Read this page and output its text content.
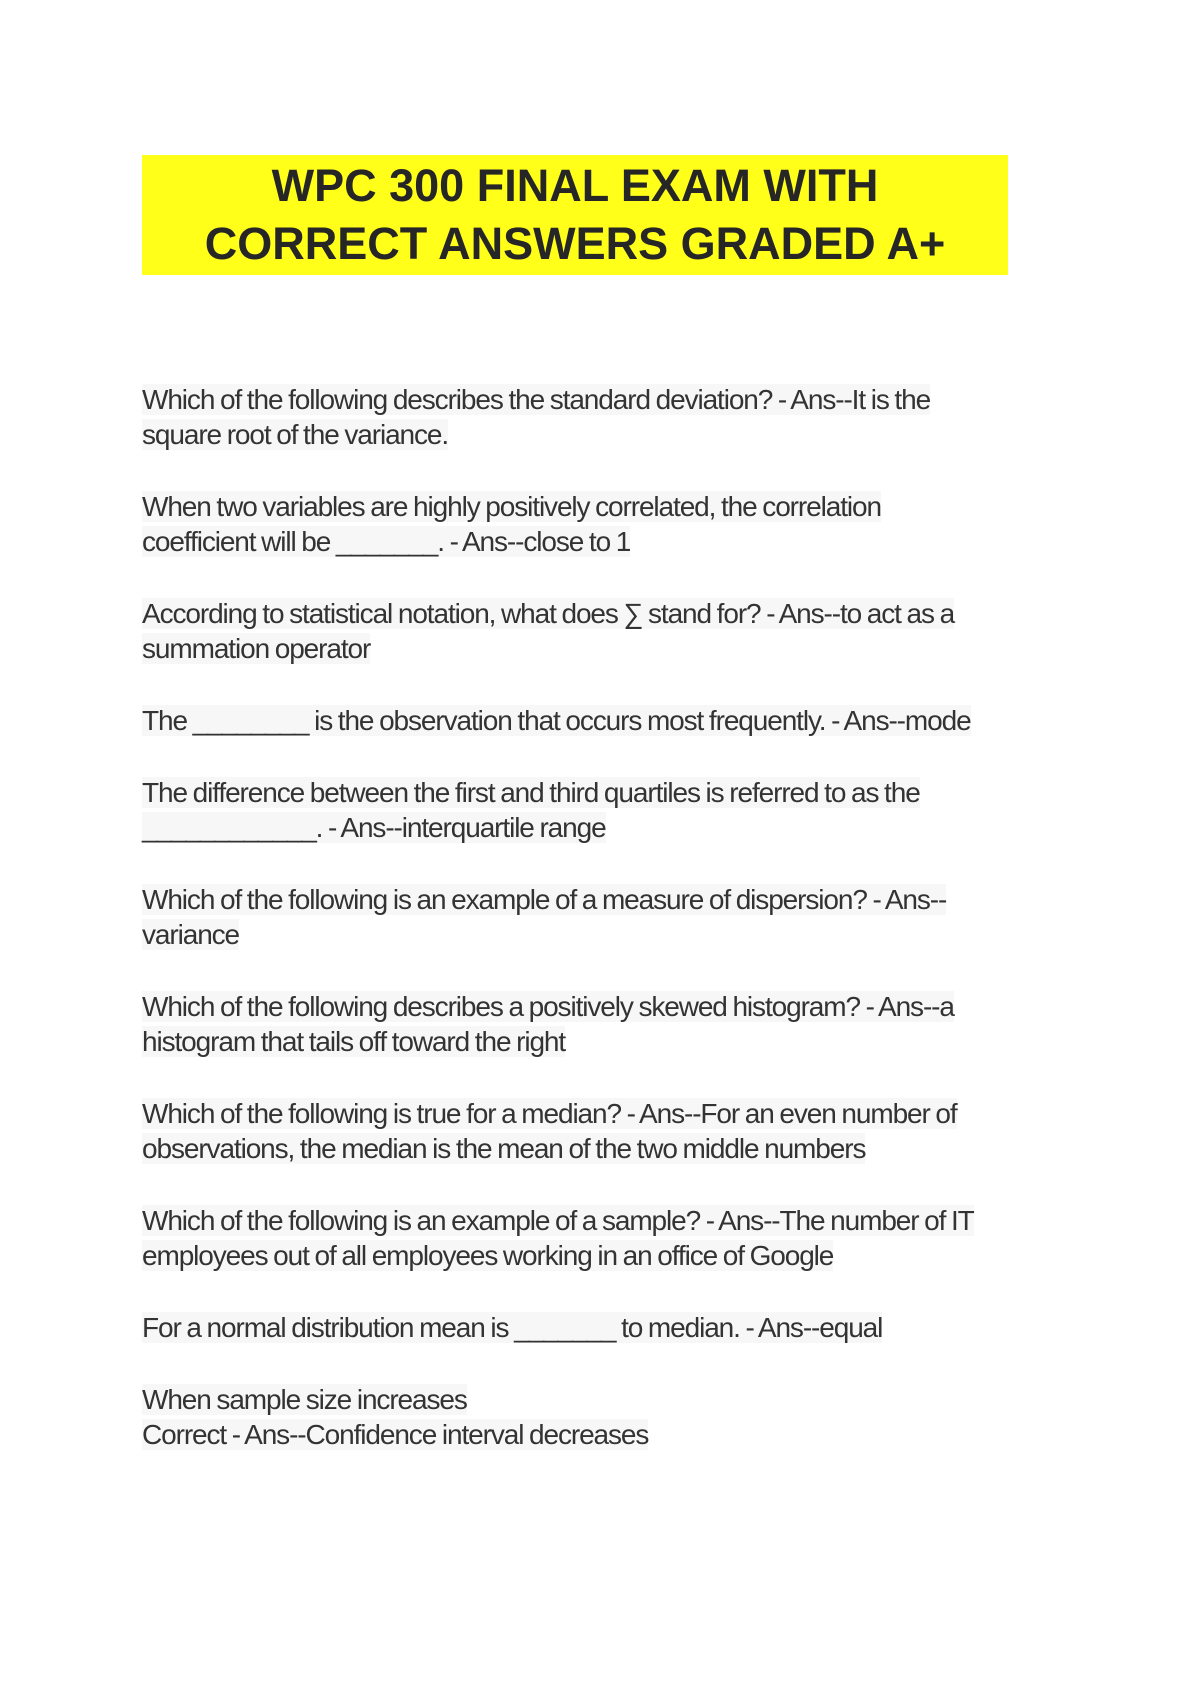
WPC 300 FINAL EXAM WITH
CORRECT ANSWERS GRADED A+
Which of the following describes the standard deviation? - Ans--It is the
square root of the variance.
When two variables are highly positively correlated, the correlation
coefficient will be _______. - Ans--close to 1
According to statistical notation, what does ∑ stand for? - Ans--to act as a
summation operator
The ________ is the observation that occurs most frequently. - Ans--mode
The difference between the first and third quartiles is referred to as the
____________. - Ans--interquartile range
Which of the following is an example of a measure of dispersion? - Ans--
variance
Which of the following describes a positively skewed histogram? - Ans--a
histogram that tails off toward the right
Which of the following is true for a median? - Ans--For an even number of
observations, the median is the mean of the two middle numbers
Which of the following is an example of a sample? - Ans--The number of IT
employees out of all employees working in an office of Google
For a normal distribution mean is _______ to median. - Ans--equal
When sample size increases
Correct - Ans--Confidence interval decreases
